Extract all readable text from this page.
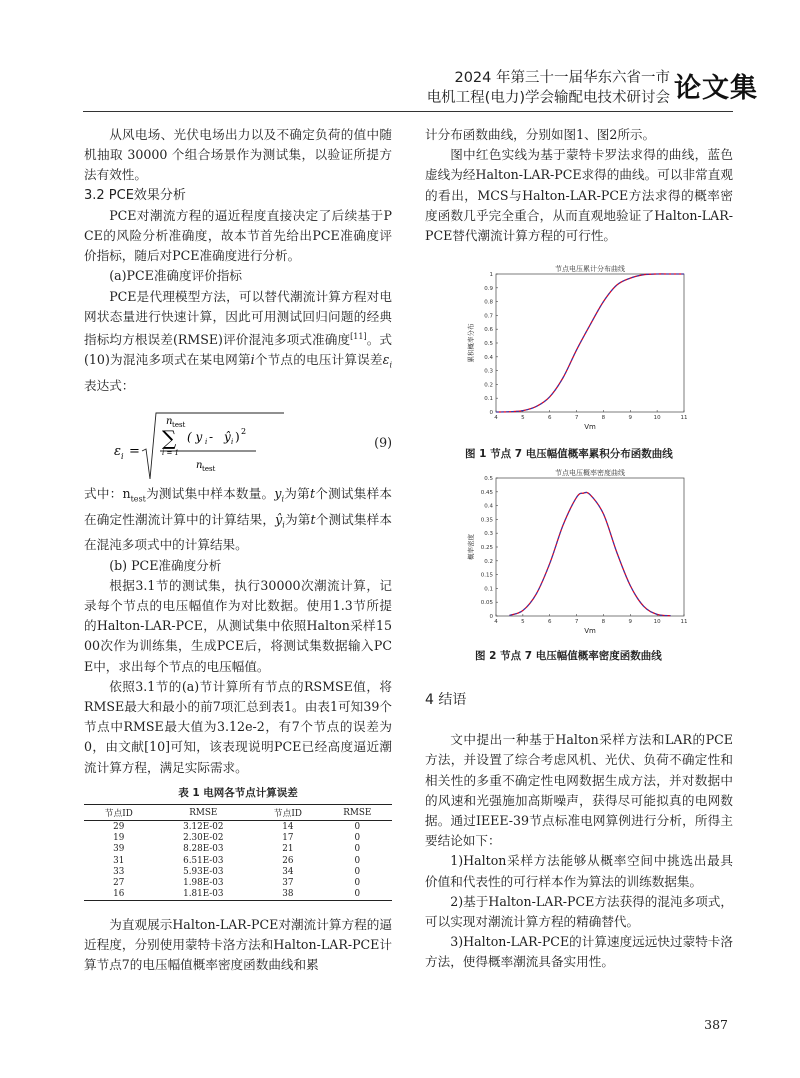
2024 年第三十一届华东六省一市
电机工程(电力)学会输配电技术研讨会 论文集

从风电场、光伏电场出力以及不确定负荷的值中随机抽取 30000 个组合场景作为测试集，以验证所提方法有效性。

3.2 PCE效果分析

PCE对潮流方程的逼近程度直接决定了后续基于PCE的风险分析准确度，故本节首先给出PCE准确度评价指标，随后对PCE准确度进行分析。

(a)PCE准确度评价指标

PCE是代理模型方法，可以替代潮流计算方程对电网状态量进行快速计算，因此可用测试回归问题的经典指标均方根误差(RMSE)评价混沌多项式准确度[11]。式(10)为混沌多项式在某电网第i个节点的电压计算误差$\varepsilon_i$表达式：

ε i =
n test
∑
i = 1
( y i - ŷ i ) 2
n test
(9)

式中：$n_{test}$为测试集中样本数量。$y_i$为第t个测试集样本在确定性潮流计算中的计算结果，$ŷ_i$为第t个测试集样本在混沌多项式中的计算结果。

(b) PCE准确度分析

根据3.1节的测试集，执行30000次潮流计算，记录每个节点的电压幅值作为对比数据。使用1.3节所提的Halton-LAR-PCE，从测试集中依照Halton采样1500次作为训练集，生成PCE后，将测试集数据输入PCE中，求出每个节点的电压幅值。

依照3.1节的(a)节计算所有节点的RSMSE值，将RMSE最大和最小的前7项汇总到表1。由表1可知39个节点中RMSE最大值为3.12e-2，有7个节点的误差为0，由文献[10]可知，该表现说明PCE已经高度逼近潮流计算方程，满足实际需求。

表 1 电网各节点计算误差
节点ID	RMSE	节点ID	RMSE
29	3.12E-02	14	0
19	2.30E-02	17	0
39	8.28E-03	21	0
31	6.51E-03	26	0
33	5.93E-03	34	0
27	1.98E-03	37	0
16	1.81E-03	38	0

为直观展示Halton-LAR-PCE对潮流计算方程的逼近程度，分别使用蒙特卡洛方法和Halton-LAR-PCE计算节点7的电压幅值概率密度函数曲线和累

计分布函数曲线，分别如图1、图2所示。

图中红色实线为基于蒙特卡罗法求得的曲线，蓝色虚线为经Halton-LAR-PCE求得的曲线。可以非常直观的看出，MCS与Halton-LAR-PCE方法求得的概率密度函数几乎完全重合，从而直观地验证了Halton-LAR-PCE替代潮流计算方程的可行性。

节点电压累计分布曲线
4	5	6	7	8	9	10	11
0
0.1
0.2
0.3
0.4
0.5
0.6
0.7
0.8
0.9
1
Vm
累积概率分布
图 1 节点 7 电压幅值概率累积分布函数曲线
节点电压概率密度曲线
4	5	6	7	8	9	10	11
0
0.05
0.1
0.15
0.2
0.25
0.3
0.35
0.4
0.45
0.5
Vm
概率密度
图 2 节点 7 电压幅值概率密度函数曲线

4 结语

文中提出一种基于Halton采样方法和LAR的PCE方法，并设置了综合考虑风机、光伏、负荷不确定性和相关性的多重不确定性电网数据生成方法，并对数据中的风速和光强施加高斯噪声，获得尽可能拟真的电网数据。通过IEEE-39节点标准电网算例进行分析，所得主要结论如下：

1)Halton采样方法能够从概率空间中挑选出最具价值和代表性的可行样本作为算法的训练数据集。

2)基于Halton-LAR-PCE方法获得的混沌多项式，可以实现对潮流计算方程的精确替代。

3)Halton-LAR-PCE的计算速度远远快过蒙特卡洛方法，使得概率潮流具备实用性。

387
